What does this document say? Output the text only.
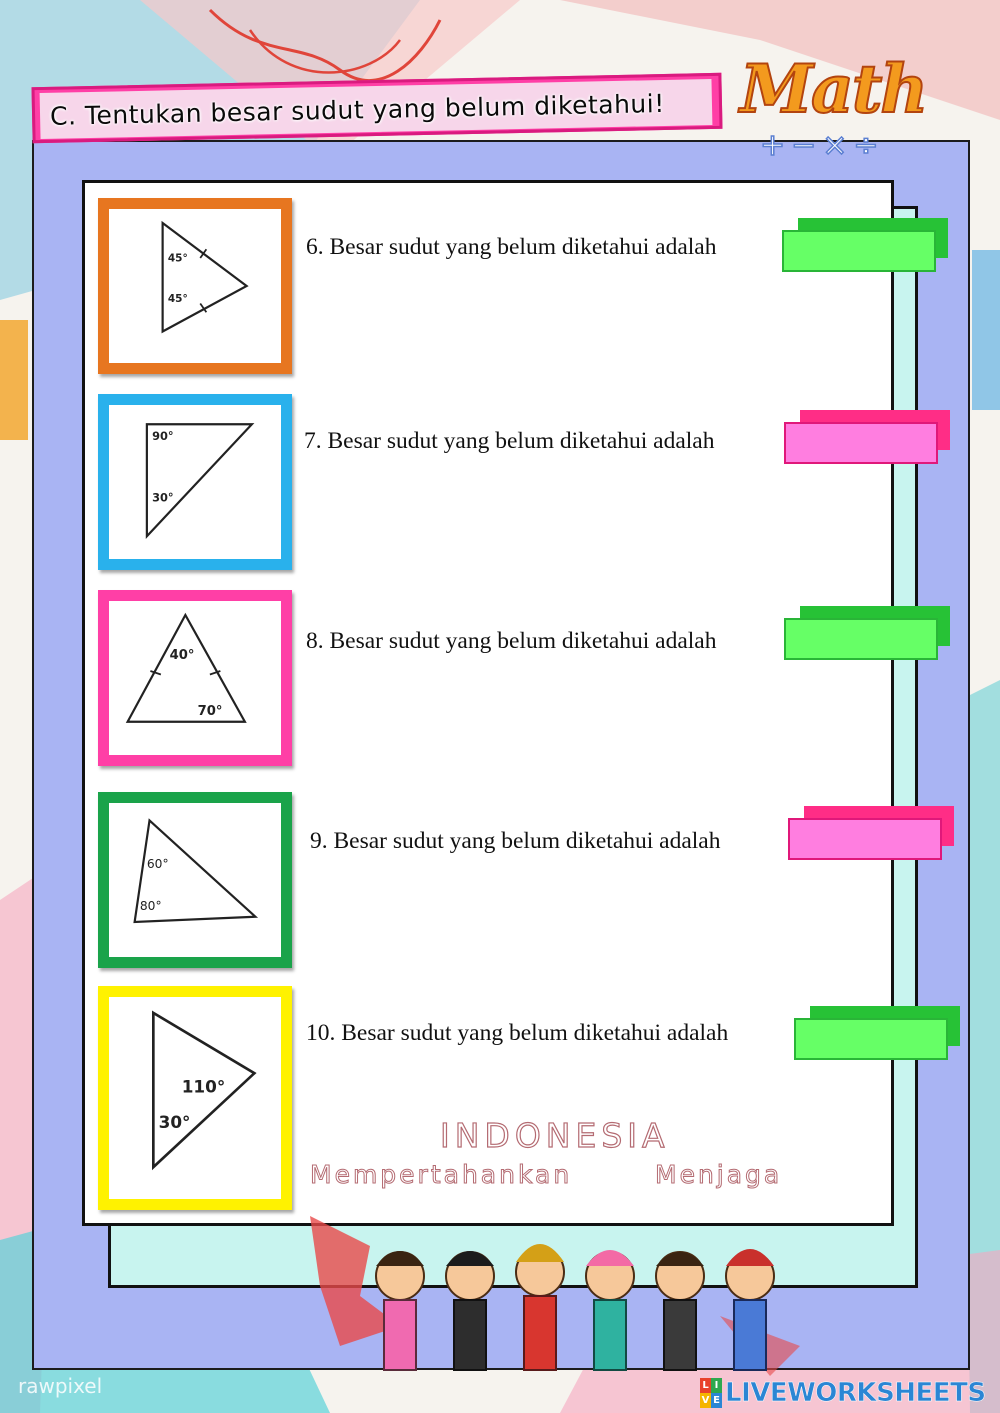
C. Tentukan besar sudut yang belum diketahui! Math
+−×÷
45°
45°
6. Besar sudut yang belum diketahui adalah
90°
30°
7. Besar sudut yang belum diketahui adalah
40°
70°
8. Besar sudut yang belum diketahui adalah
60°
80°
9. Besar sudut yang belum diketahui adalah
110°
30°
10. Besar sudut yang belum diketahui adalah
INDONESIA
Mempertahankan	Menjaga
rawpixel	L I
V E LIVEWORKSHEETS
